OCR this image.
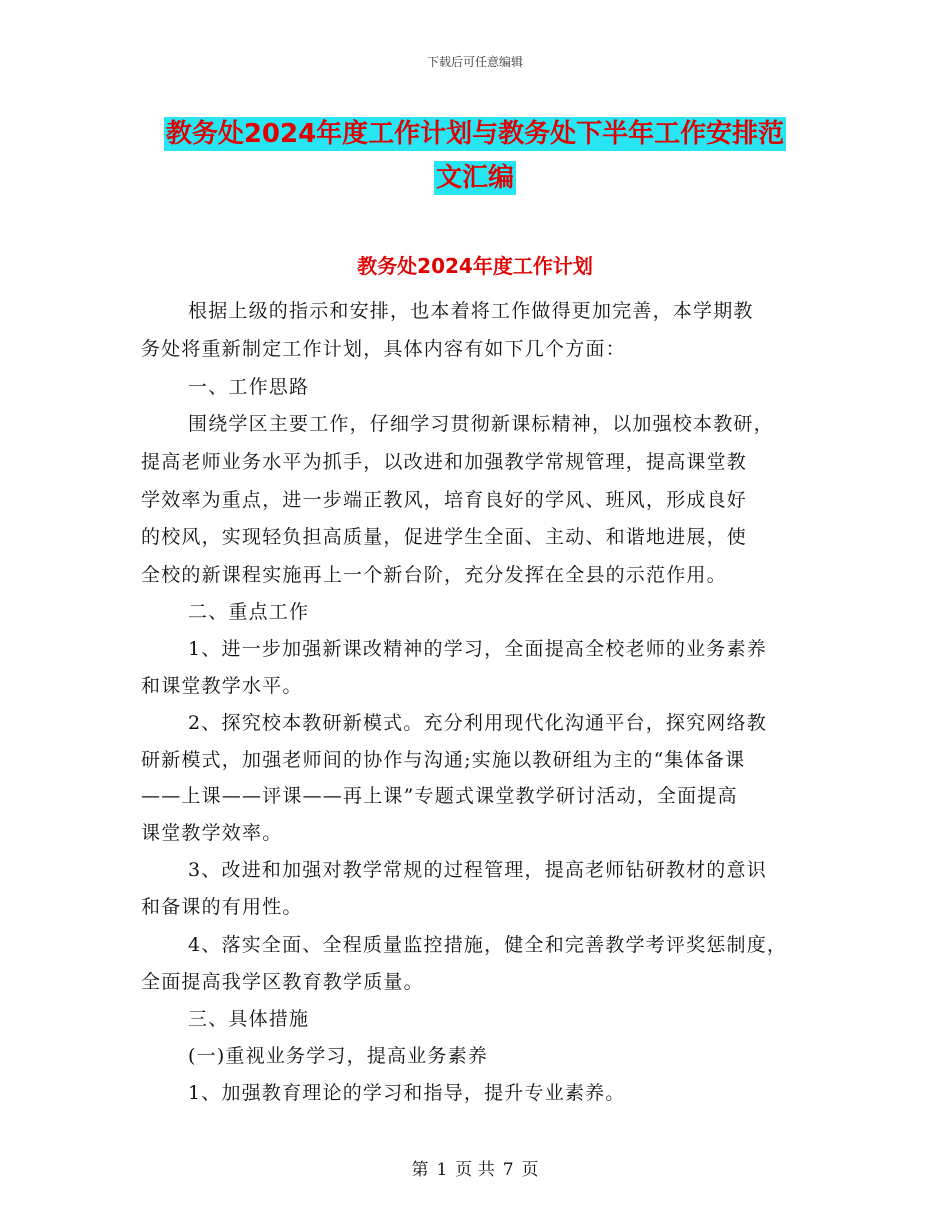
下载后可任意编辑
教务处2024年度工作计划与教务处下半年工作安排范
文汇编
教务处2024年度工作计划
根据上级的指示和安排，也本着将工作做得更加完善，本学期教
务处将重新制定工作计划，具体内容有如下几个方面：
一、工作思路
围绕学区主要工作，仔细学习贯彻新课标精神，以加强校本教研，
提高老师业务水平为抓手，以改进和加强教学常规管理，提高课堂教
学效率为重点，进一步端正教风，培育良好的学风、班风，形成良好
的校风，实现轻负担高质量，促进学生全面、主动、和谐地进展，使
全校的新课程实施再上一个新台阶，充分发挥在全县的示范作用。
二、重点工作
1、进一步加强新课改精神的学习，全面提高全校老师的业务素养
和课堂教学水平。
2、探究校本教研新模式。充分利用现代化沟通平台，探究网络教
研新模式，加强老师间的协作与沟通;实施以教研组为主的“集体备课
——上课——评课——再上课”专题式课堂教学研讨活动，全面提高
课堂教学效率。
3、改进和加强对教学常规的过程管理，提高老师钻研教材的意识
和备课的有用性。
4、落实全面、全程质量监控措施，健全和完善教学考评奖惩制度，
全面提高我学区教育教学质量。
三、具体措施
(一)重视业务学习，提高业务素养
1、加强教育理论的学习和指导，提升专业素养。
第 1 页 共 7 页
